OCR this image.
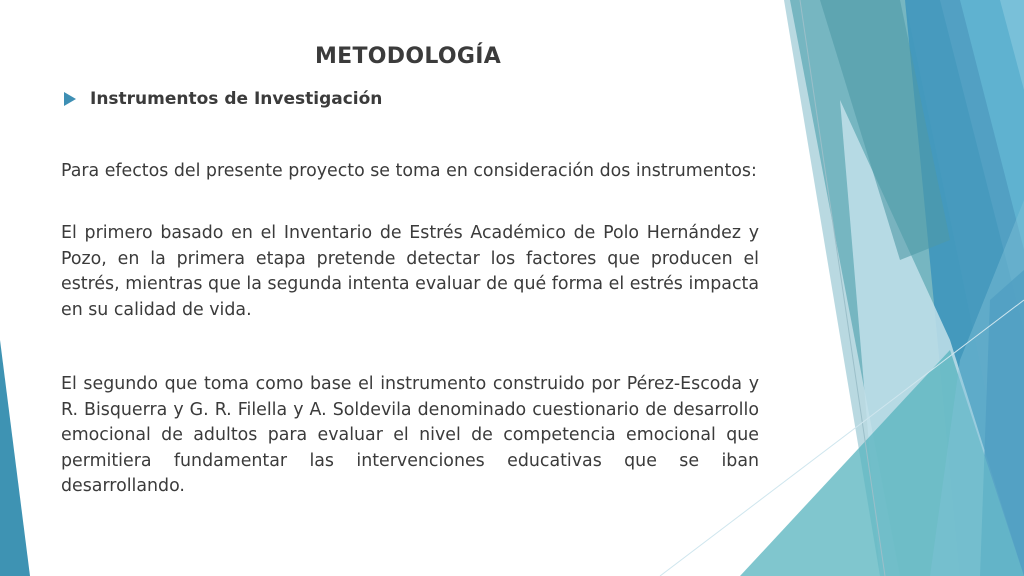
METODOLOGÍA
Instrumentos de Investigación

Para efectos del presente proyecto se toma en consideración dos instrumentos:

El primero basado en el Inventario de Estrés Académico de Polo Hernández y Pozo, en la primera etapa pretende detectar los factores que producen el estrés, mientras que la segunda intenta evaluar de qué forma el estrés impacta en su calidad de vida.

El segundo que toma como base el instrumento construido por Pérez-Escoda y R. Bisquerra y G. R. Filella y A. Soldevila denominado cuestionario de desarrollo emocional de adultos para evaluar el nivel de competencia emocional que permitiera fundamentar las intervenciones educativas que se iban desarrollando.
